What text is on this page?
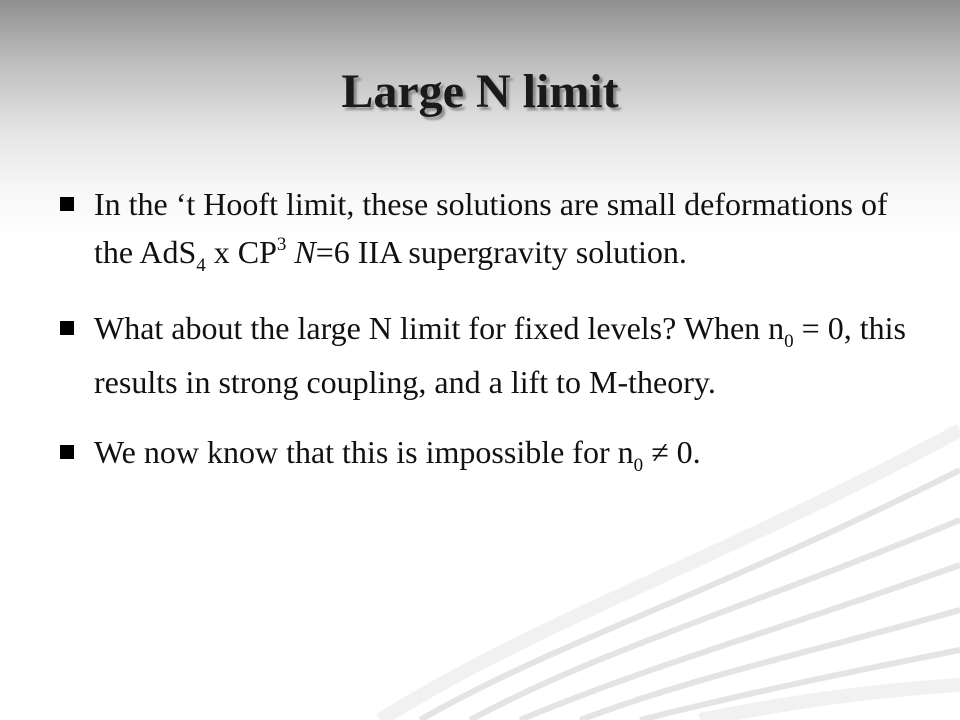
Large N limit
In the ‘t Hooft limit, these solutions are small deformations of the AdS$_4$ x $CP^3$ N=6 IIA supergravity solution.
What about the large N limit for fixed levels? When $n_0 = 0$, this results in strong coupling, and a lift to M-theory.
We now know that this is impossible for $n_0 \ne 0$.
